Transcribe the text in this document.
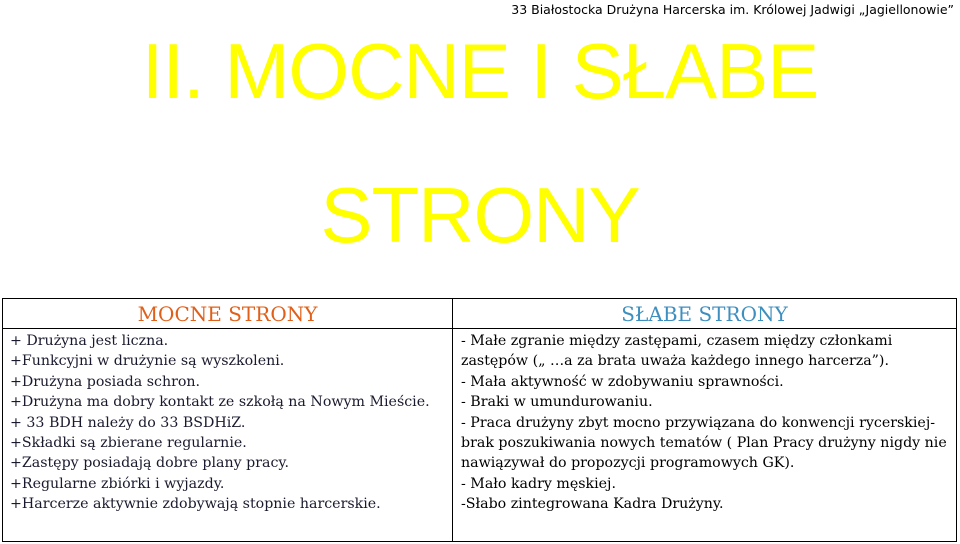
33 Białostocka Drużyna Harcerska im. Królowej Jadwigi „Jagiellonowie”
II. MOCNE I SŁABE
STRONY
MOCNE STRONY	SŁABE STRONY
+ Drużyna jest liczna.
+Funkcyjni w drużynie są wyszkoleni.
+Drużyna posiada schron.
+Drużyna ma dobry kontakt ze szkołą na Nowym Mieście.
+ 33 BDH należy do 33 BSDHiZ.
+Składki są zbierane regularnie.
+Zastępy posiadają dobre plany pracy.
+Regularne zbiórki i wyjazdy.
+Harcerze aktywnie zdobywają stopnie harcerskie.
- Małe zgranie między zastępami, czasem między członkami zastępów („ …a za brata uważa każdego innego harcerza”).
- Mała aktywność w zdobywaniu sprawności.
- Braki w umundurowaniu.
- Praca drużyny zbyt mocno przywiązana do konwencji rycerskiej- brak poszukiwania nowych tematów ( Plan Pracy drużyny nigdy nie nawiązywał do propozycji programowych GK).
- Mało kadry męskiej.
-Słabo zintegrowana Kadra Drużyny.
